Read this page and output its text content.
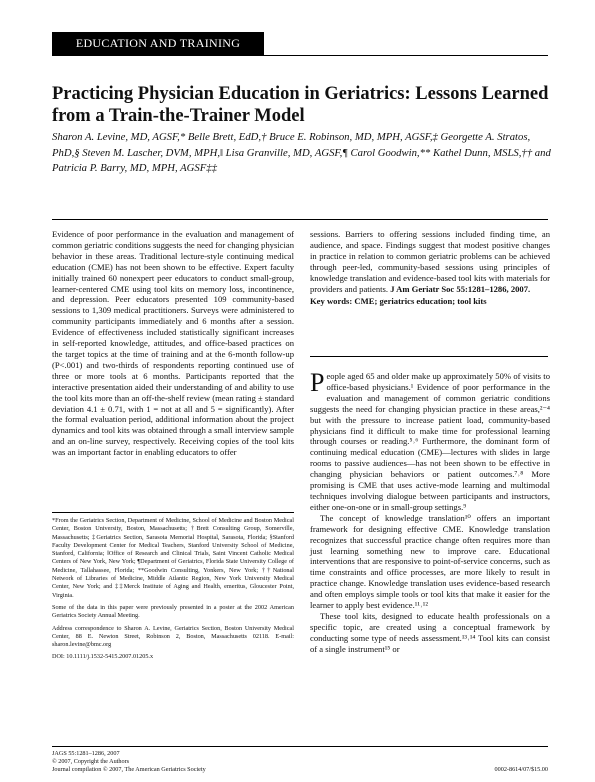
EDUCATION AND TRAINING
Practicing Physician Education in Geriatrics: Lessons Learned from a Train-the-Trainer Model
Sharon A. Levine, MD, AGSF,* Belle Brett, EdD,† Bruce E. Robinson, MD, MPH, AGSF,‡ Georgette A. Stratos, PhD,§ Steven M. Lascher, DVM, MPH,‖ Lisa Granville, MD, AGSF,¶ Carol Goodwin,** Kathel Dunn, MSLS,†† and Patricia P. Barry, MD, MPH, AGSF‡‡
Evidence of poor performance in the evaluation and management of common geriatric conditions suggests the need for changing physician behavior in these areas. Traditional lecture-style continuing medical education (CME) has not been shown to be effective. Expert faculty initially trained 60 nonexpert peer educators to conduct small-group, learner-centered CME using tool kits on memory loss, incontinence, and depression. Peer educators presented 109 community-based sessions to 1,309 medical practitioners. Surveys were administered to community participants immediately and 6 months after a session. Evidence of effectiveness included statistically significant increases in self-reported knowledge, attitudes, and office-based practices on the target topics at the time of training and at the 6-month follow-up (P<.001) and two-thirds of respondents reporting continued use of three or more tools at 6 months. Participants reported that the interactive presentation aided their understanding of and ability to use the tool kits more than an off-the-shelf review (mean rating ± standard deviation 4.1 ± 0.71, with 1 = not at all and 5 = significantly). After the formal evaluation period, additional information about the project dynamics and tool kits was obtained through a small interview sample and an on-line survey, respectively. Receiving copies of the tool kits was an important factor in enabling educators to offer
sessions. Barriers to offering sessions included finding time, an audience, and space. Findings suggest that modest positive changes in practice in relation to common geriatric problems can be achieved through peer-led, community-based sessions using principles of knowledge translation and evidence-based tool kits with materials for providers and patients. J Am Geriatr Soc 55:1281–1286, 2007.
Key words: CME; geriatrics education; tool kits

*From the Geriatrics Section, Department of Medicine, School of Medicine and Boston Medical Center, Boston University, Boston, Massachusetts; †Brett Consulting Group, Somerville, Massachusetts; ‡Geriatrics Section, Sarasota Memorial Hospital, Sarasota, Florida; §Stanford Faculty Development Center for Medical Teachers, Stanford University School of Medicine, Stanford, California; ‖Office of Research and Clinical Trials, Saint Vincent Catholic Medical Centers of New York, New York; ¶Department of Geriatrics, Florida State University College of Medicine, Tallahassee, Florida; **Goodwin Consulting, Yonkers, New York; ††National Network of Libraries of Medicine, Middle Atlantic Region, New York University Medical Center, New York; and ‡‡Merck Institute of Aging and Health, emeritus, Gloucester Point, Virginia.

Some of the data in this paper were previously presented in a poster at the 2002 American Geriatrics Society Annual Meeting.

Address correspondence to Sharon A. Levine, Geriatrics Section, Boston University Medical Center, 88 E. Newton Street, Robinson 2, Boston, Massachusetts 02118. E-mail: sharon.levine@bmc.org

DOI: 10.1111/j.1532-5415.2007.01205.x

People aged 65 and older make up approximately 50% of visits to office-based physicians.¹ Evidence of poor performance in the evaluation and management of common geriatric conditions suggests the need for changing physician practice in these areas,²⁻⁴ but with the pressure to increase patient load, community-based physicians find it difficult to make time for professional learning through courses or reading.⁵˒⁶ Furthermore, the dominant form of continuing medical education (CME)—lectures with slides in large rooms to passive audiences—has not been shown to be effective in changing physician behaviors or patient outcomes.⁷˒⁸ More promising is CME that uses active-mode learning and multimodal techniques involving dialogue between participants and instructors, either one-on-one or in small-group settings.⁹

The concept of knowledge translation¹⁰ offers an important framework for designing effective CME. Knowledge translation recognizes that successful practice change often requires more than just learning something new to improve care. Educational interventions that are responsive to point-of-service concerns, such as time constraints and office processes, are more likely to result in practice change. Knowledge translation uses evidence-based research and often employs simple tools or tool kits that make it easier for the learner to apply best evidence.¹¹˒¹²

These tool kits, designed to educate health professionals on a specific topic, are created using a conceptual framework by conducting some type of needs assessment.¹³˒¹⁴ Tool kits can consist of a single instrument¹⁵ or

JAGS 55:1281–1286, 2007
© 2007, Copyright the Authors
Journal compilation © 2007, The American Geriatrics Society	0002-8614/07/$15.00
